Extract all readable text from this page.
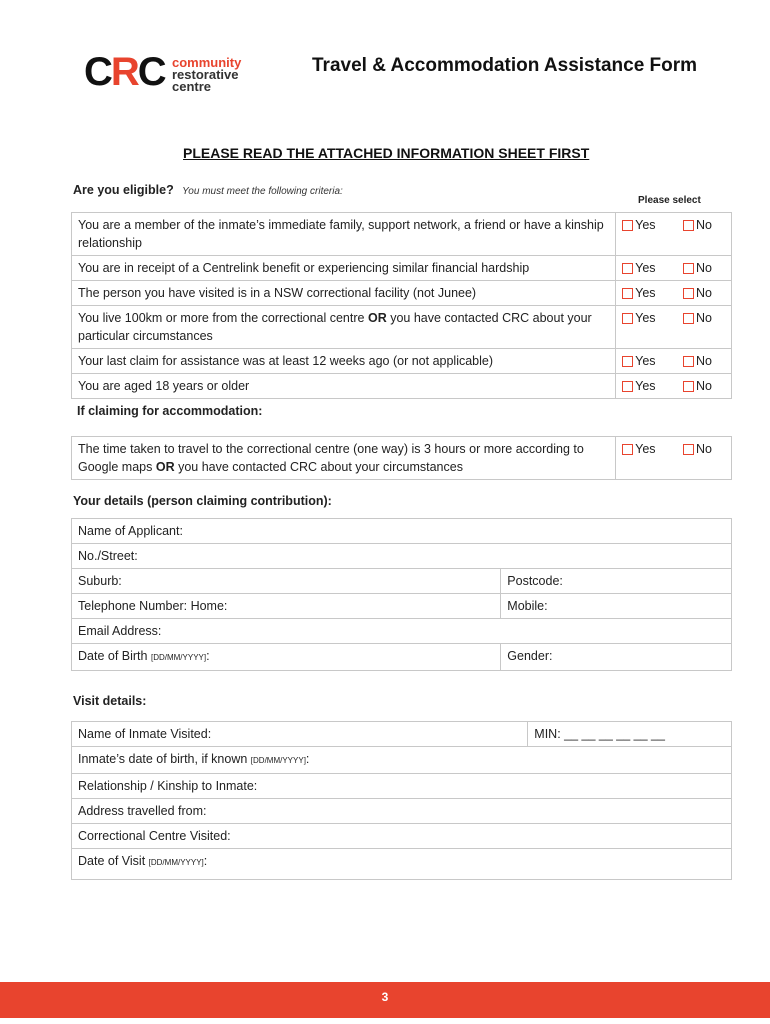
CRC community
restorative
centre
Travel & Accommodation Assistance Form
PLEASE READ THE ATTACHED INFORMATION SHEET FIRST
Are you eligible? You must meet the following criteria:
Please select
You are a member of the inmate’s immediate family, support network, a friend or have a kinship relationship	Yes No
You are in receipt of a Centrelink benefit or experiencing similar financial hardship	Yes No
The person you have visited is in a NSW correctional facility (not Junee)	Yes No
You live 100km or more from the correctional centre OR you have contacted CRC about your particular circumstances	Yes No
Your last claim for assistance was at least 12 weeks ago (or not applicable)	Yes No
You are aged 18 years or older	Yes No
If claiming for accommodation:
The time taken to travel to the correctional centre (one way) is 3 hours or more according to Google maps OR you have contacted CRC about your circumstances	Yes	No
Your details (person claiming contribution):
Name of Applicant:	
No./Street:	
Suburb:	Postcode:
Telephone Number: Home:	Mobile:
Email Address:	
Date of Birth [DD/MM/YYYY]:	Gender:
Visit details:
Name of Inmate Visited:	MIN: __ __ __ __ __ __
Inmate’s date of birth, if known [DD/MM/YYYY]:
Relationship / Kinship to Inmate:
Address travelled from:
Correctional Centre Visited:
Date of Visit [DD/MM/YYYY]:
3
